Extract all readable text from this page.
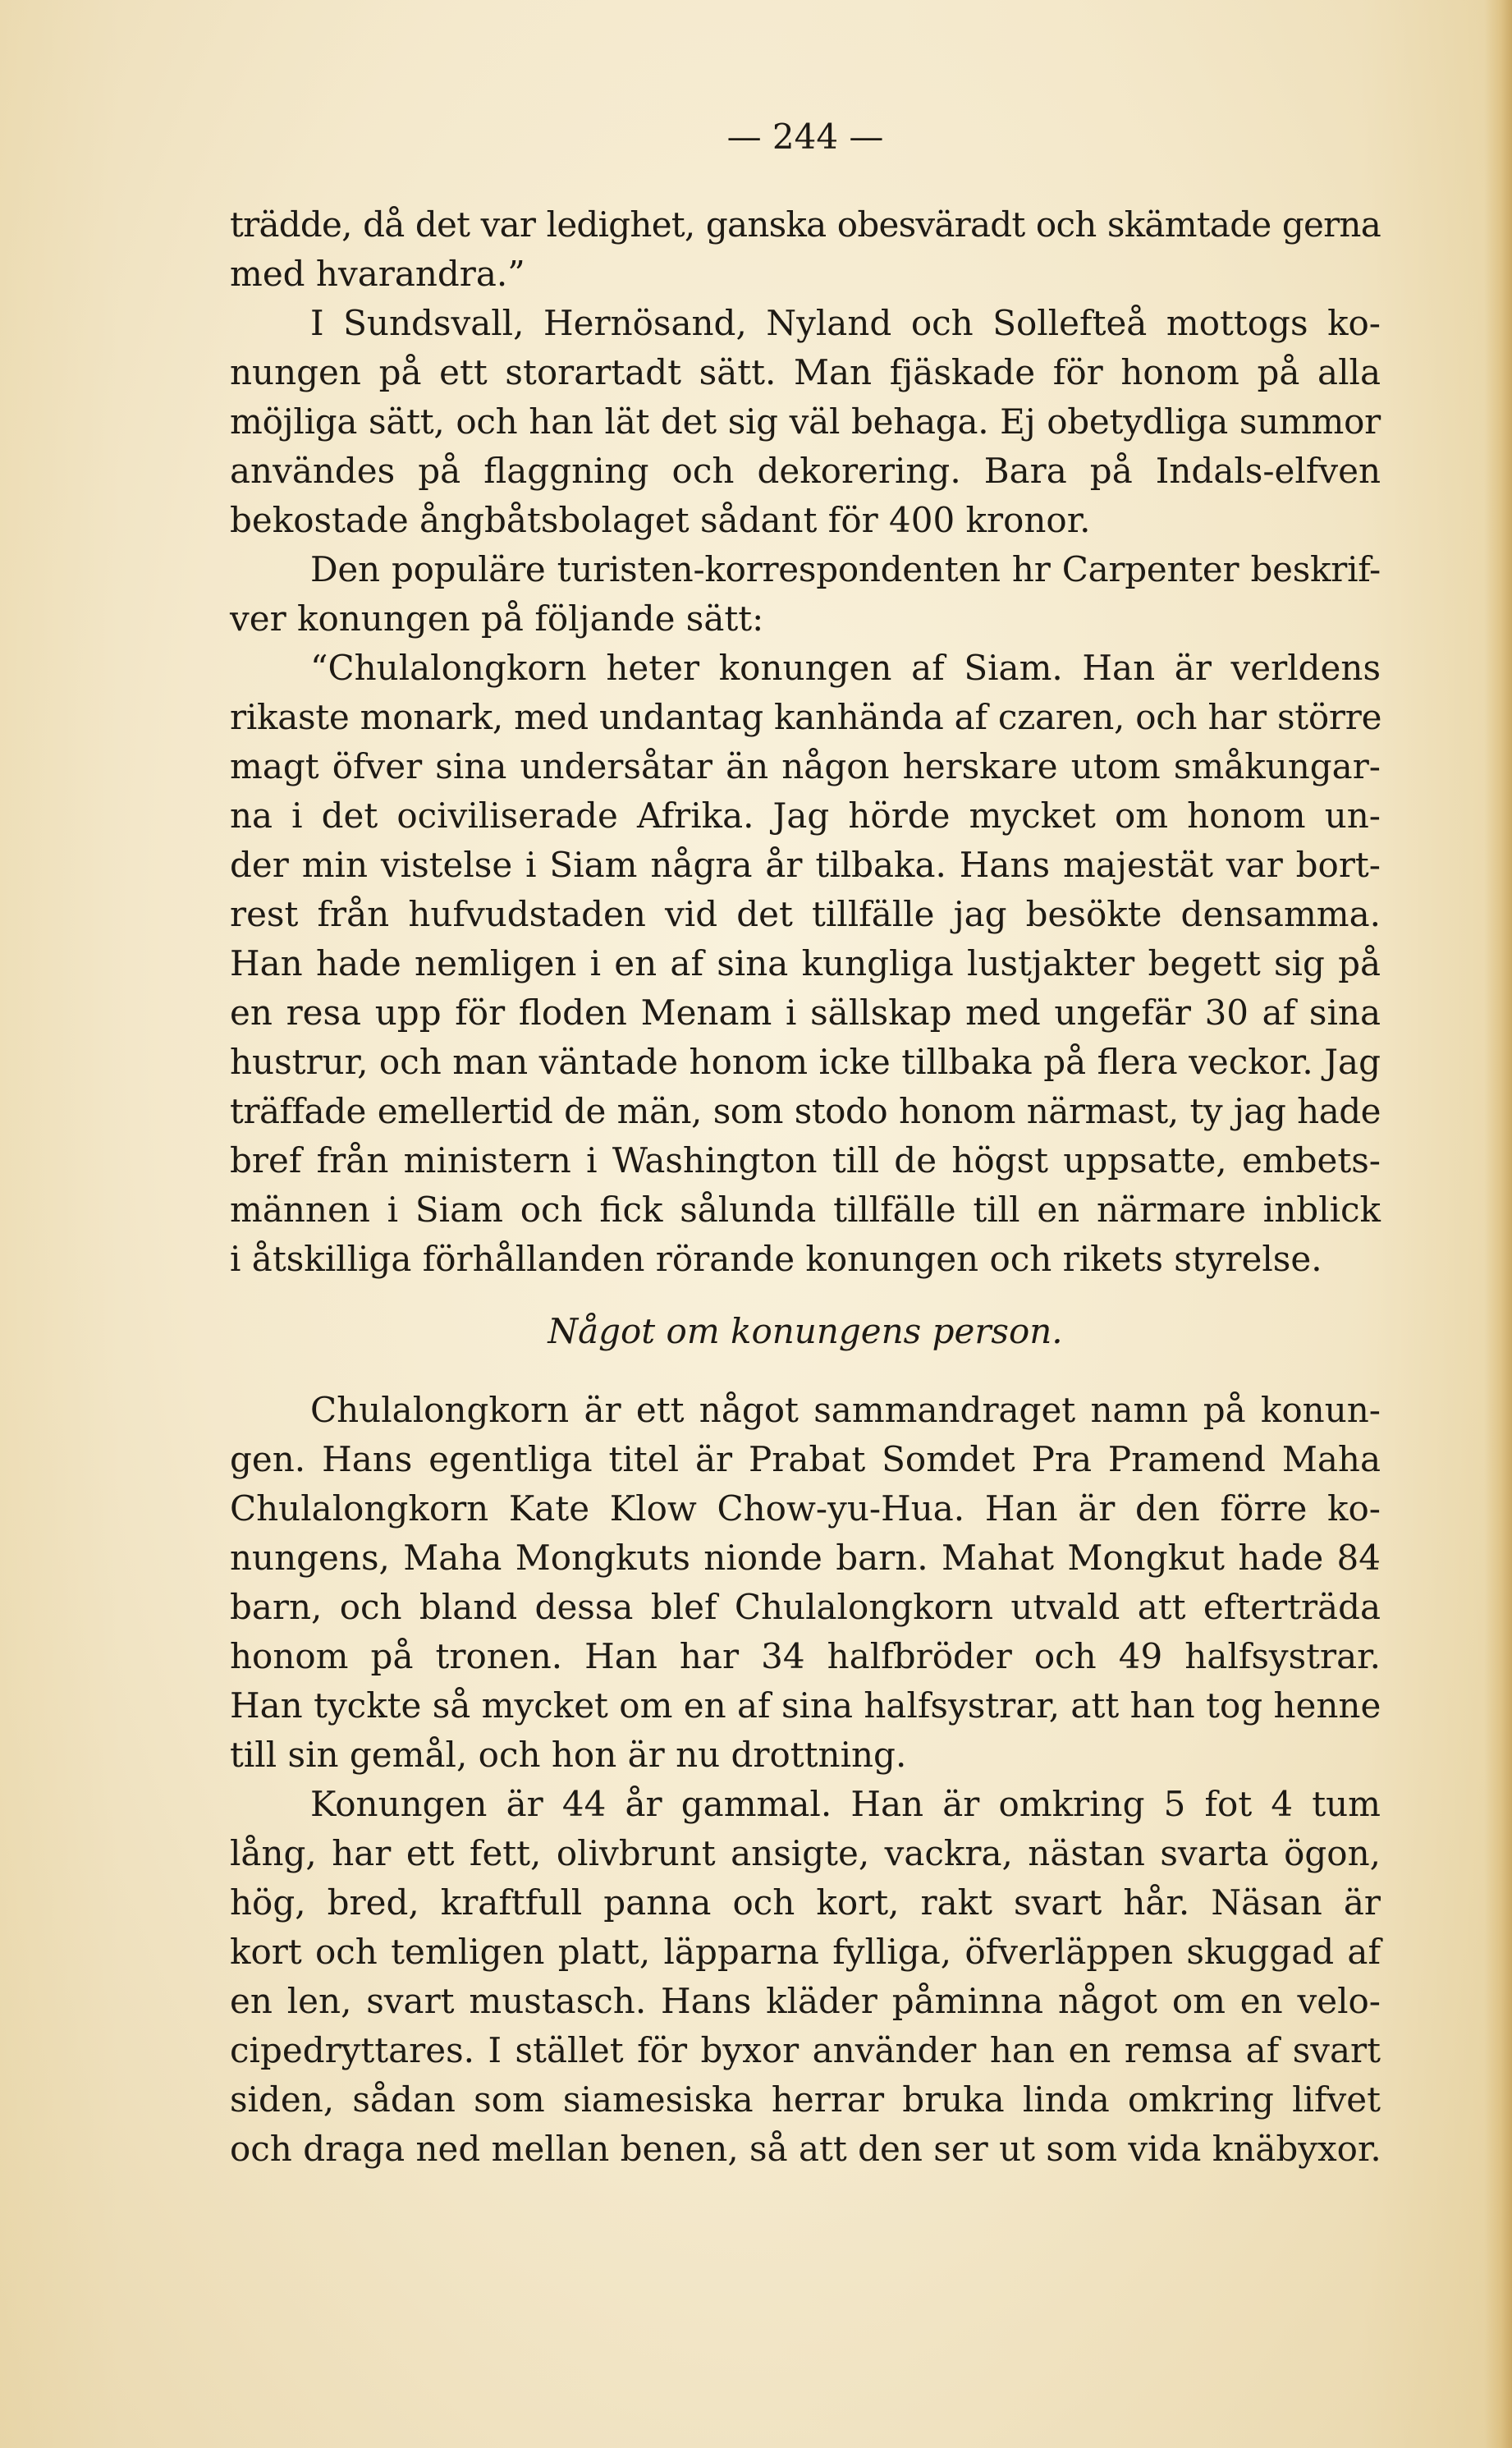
— 244 —
trädde, då det var ledighet, ganska obesväradt och skämtade gerna
med hvarandra.”
I Sundsvall, Hernösand, Nyland och Sollefteå mottogs ko-
nungen på ett storartadt sätt. Man fjäskade för honom på alla
möjliga sätt, och han lät det sig väl behaga. Ej obetydliga summor
användes på flaggning och dekorering. Bara på Indals-elfven
bekostade ångbåtsbolaget sådant för 400 kronor.
Den populäre turisten-korrespondenten hr Carpenter beskrif-
ver konungen på följande sätt:
“Chulalongkorn heter konungen af Siam. Han är verldens
rikaste monark, med undantag kanhända af czaren, och har större
magt öfver sina undersåtar än någon herskare utom småkungar-
na i det ociviliserade Afrika. Jag hörde mycket om honom un-
der min vistelse i Siam några år tilbaka. Hans majestät var bort-
rest från hufvudstaden vid det tillfälle jag besökte densamma.
Han hade nemligen i en af sina kungliga lustjakter begett sig på
en resa upp för floden Menam i sällskap med ungefär 30 af sina
hustrur, och man väntade honom icke tillbaka på flera veckor. Jag
träffade emellertid de män, som stodo honom närmast, ty jag hade
bref från ministern i Washington till de högst uppsatte, embets-
männen i Siam och fick sålunda tillfälle till en närmare inblick
i åtskilliga förhållanden rörande konungen och rikets styrelse.
Något om konungens person.
Chulalongkorn är ett något sammandraget namn på konun-
gen. Hans egentliga titel är Prabat Somdet Pra Pramend Maha
Chulalongkorn Kate Klow Chow-yu-Hua. Han är den förre ko-
nungens, Maha Mongkuts nionde barn. Mahat Mongkut hade 84
barn, och bland dessa blef Chulalongkorn utvald att efterträda
honom på tronen. Han har 34 halfbröder och 49 halfsystrar.
Han tyckte så mycket om en af sina halfsystrar, att han tog henne
till sin gemål, och hon är nu drottning.
Konungen är 44 år gammal. Han är omkring 5 fot 4 tum
lång, har ett fett, olivbrunt ansigte, vackra, nästan svarta ögon,
hög, bred, kraftfull panna och kort, rakt svart hår. Näsan är
kort och temligen platt, läpparna fylliga, öfverläppen skuggad af
en len, svart mustasch. Hans kläder påminna något om en velo-
cipedryttares. I stället för byxor använder han en remsa af svart
siden, sådan som siamesiska herrar bruka linda omkring lifvet
och draga ned mellan benen, så att den ser ut som vida knäbyxor.
